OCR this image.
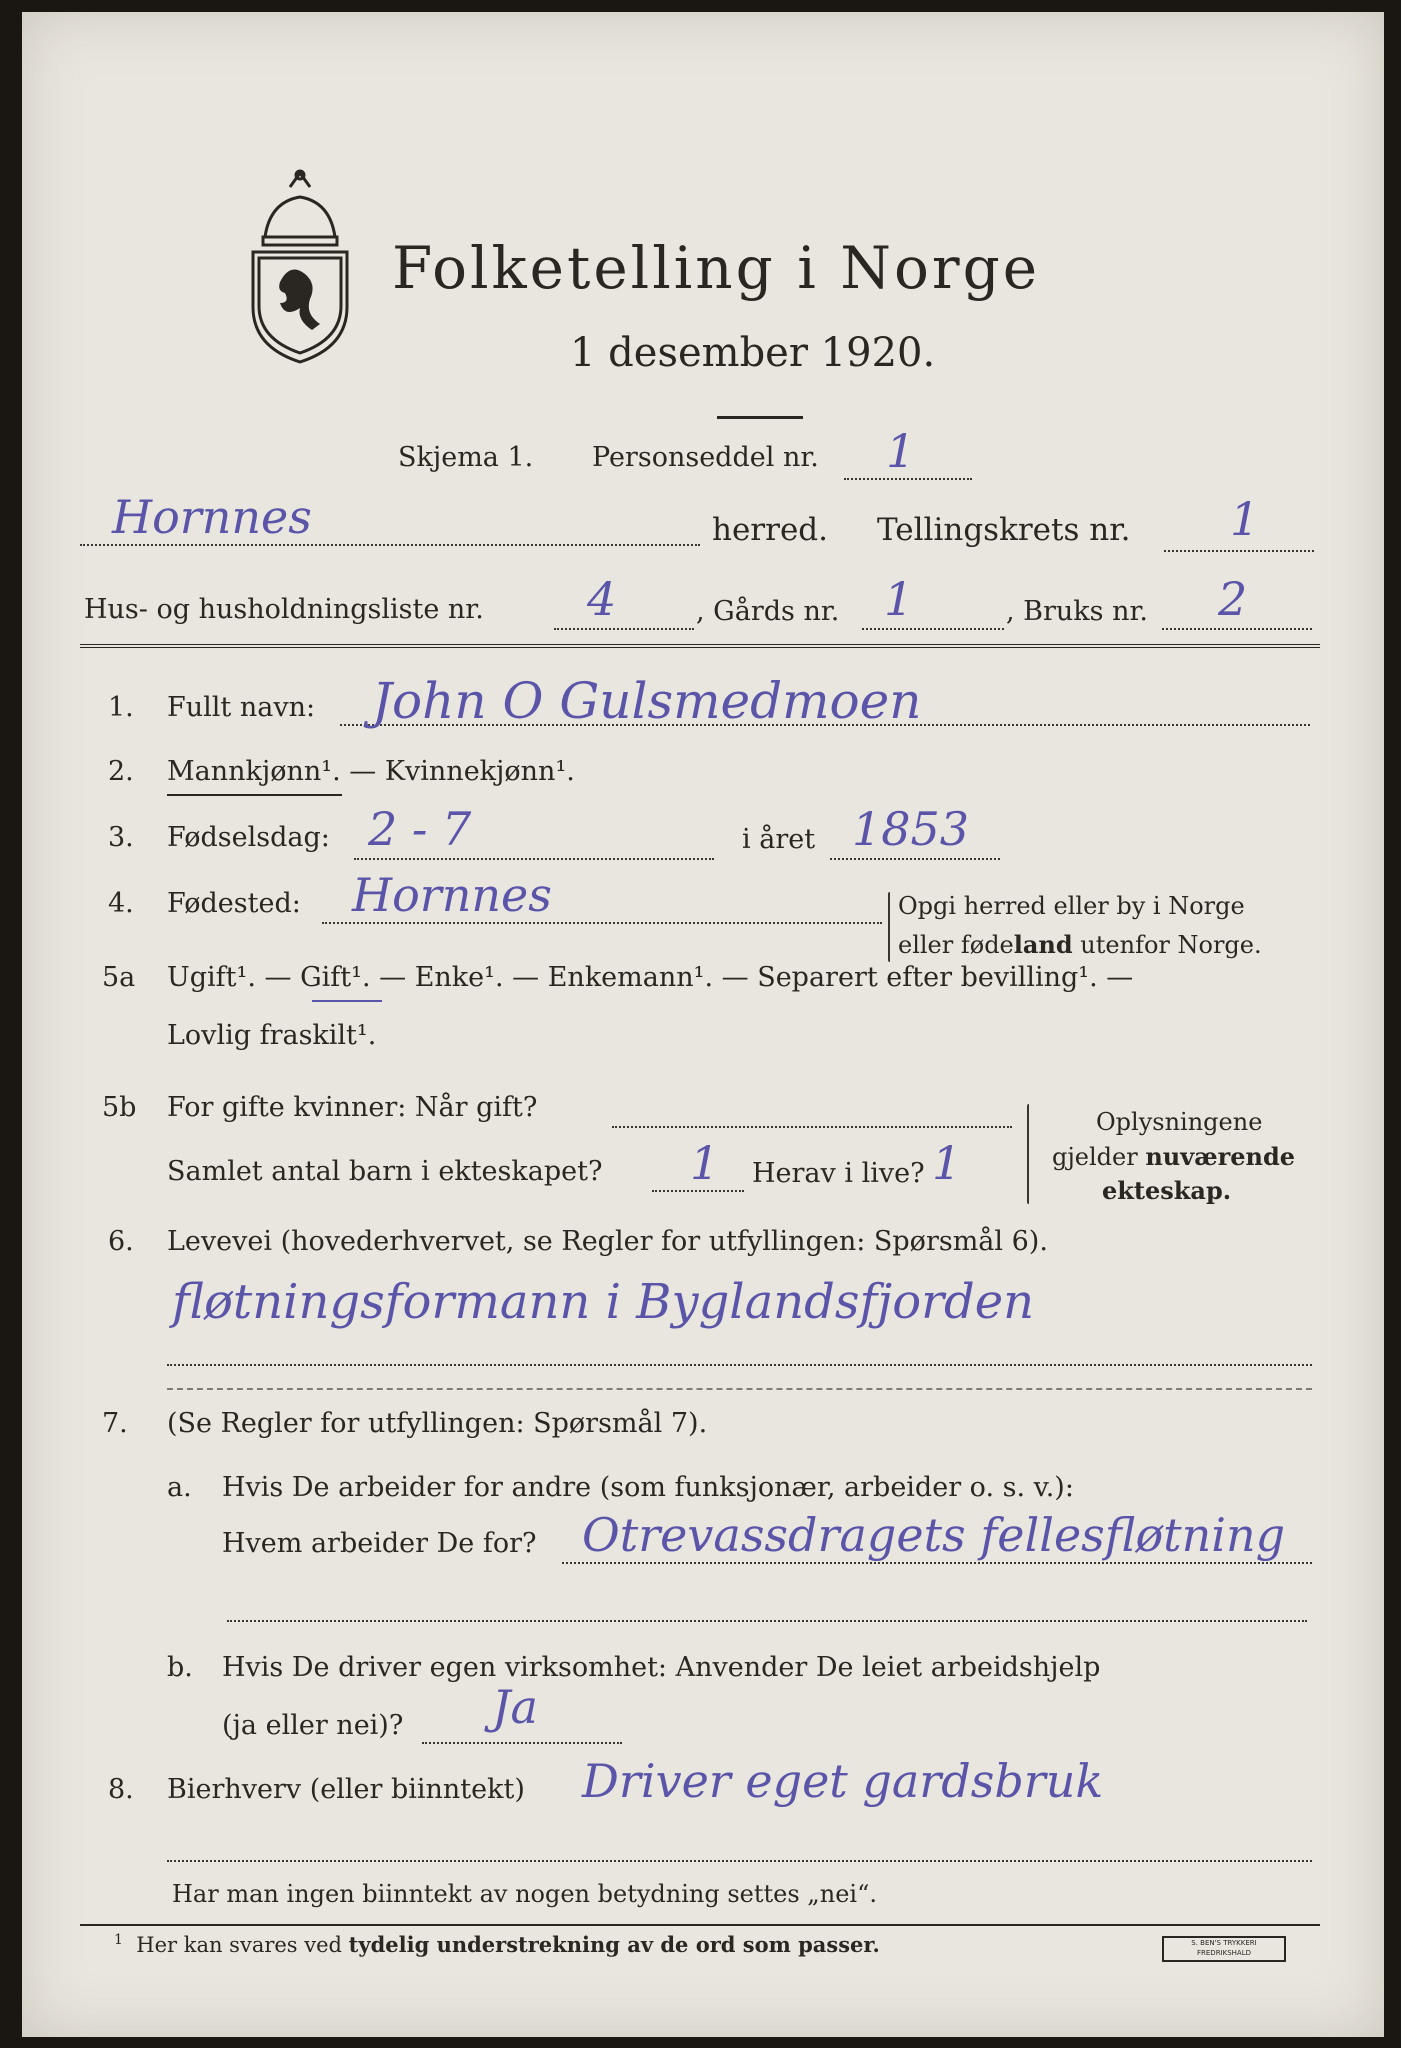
Folketelling i Norge
1 desember 1920.
Skjema 1. Personseddel nr. 1
Hornnes	herred. Tellingskrets nr. 1
Hus- og husholdningsliste nr. 4	, Gårds nr. 1	, Bruks nr. 2
1. Fullt navn: John O Gulsmedmoen
2. Mannkjønn¹. — Kvinnekjønn¹.
3. Fødselsdag: 2 - 7	i året 1853
4. Fødested: Hornnes	Opgi herred eller by i Norge
eller fødeland utenfor Norge.
5a Ugift¹. — Gift¹. — Enke¹. — Enkemann¹. — Separert efter bevilling¹. —
Lovlig fraskilt¹.
5b For gifte kvinner: Når gift?
Samlet antal barn i ekteskapet? 1 Herav i live? 1
Oplysningene
gjelder nuværende
ekteskap.
6. Levevei (hovederhvervet, se Regler for utfyllingen: Spørsmål 6).
fløtningsformann i Byglandsfjorden
7. (Se Regler for utfyllingen: Spørsmål 7).
a. Hvis De arbeider for andre (som funksjonær, arbeider o. s. v.):
Hvem arbeider De for? Otrevassdragets fellesfløtning
b. Hvis De driver egen virksomhet: Anvender De leiet arbeidshjelp
(ja eller nei)? Ja
8. Bierhverv (eller biinntekt) Driver eget gardsbruk
Har man ingen biinntekt av nogen betydning settes „nei“.
$^1$ Her kan svares ved tydelig understrekning av de ord som passer.	S. BEN'S TRYKKERI
FREDRIKSHALD
